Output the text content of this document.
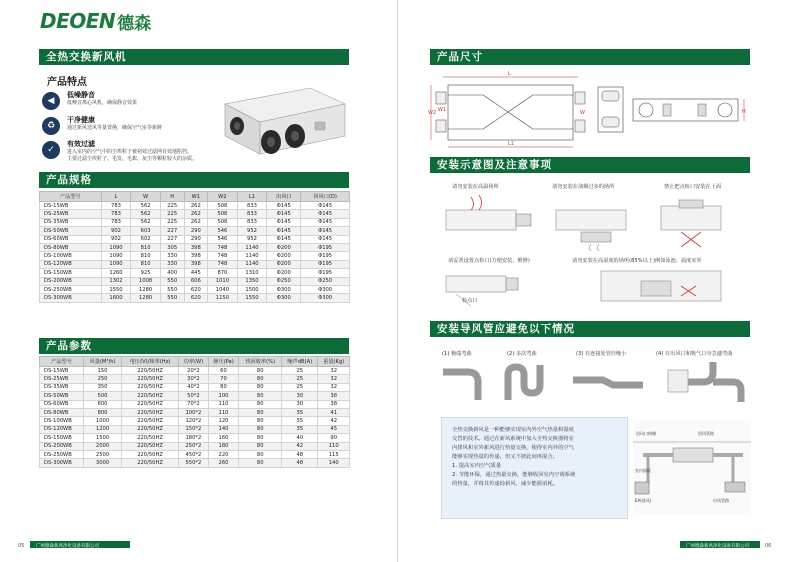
DEOEN 德森
全热交换新风机
产品特点
◀
低噪静音
低噪音离心风机，确保静音效果
♻
干净健康
通过新风送风等量置换，确保空气室等新鲜
✓
有效过滤
进入室内的空气中的尘埃粒子被初效过滤网有效地阻挡。
主要过滤尘埃粒子、毛发、毛絮、灰尘等颗粒较大的杂质。
产品规格
产品型号	L	W	H	W1	W2	L1	出风口	回风口(D)
DS-15WB	783	562	225	262	508	833	Φ145	Φ145
DS-25WB	783	562	225	262	508	833	Φ145	Φ145
DS-35WB	783	562	225	262	508	833	Φ145	Φ145
DS-50WB	902	603	227	290	546	952	Φ145	Φ145
DS-60WB	902	602	227	290	546	952	Φ145	Φ145
DS-80WB	1090	810	305	398	748	1140	Φ200	Φ195
DS-100WB	1090	810	330	398	748	1140	Φ200	Φ195
DS-120WB	1090	810	330	398	748	1140	Φ200	Φ195
DS-150WB	1260	925	400	445	870	1310	Φ200	Φ195
DS-200WB	1302	1008	550	606	1010	1350	Φ250	Φ250
DS-250WB	1550	1280	550	620	1040	1500	Φ300	Φ300
DS-300WB	1600	1280	550	620	1150	1550	Φ300	Φ300
产品参数
产品型号	风量(M³/h)	电压(V)/频率(Hz)	功率(W)	静压(Pa)	热回收率(%)	噪声dB(A)	重量(Kg)
DS-15WB	150	220/50HZ	20*2	60	80	25	32
DS-25WB	250	220/50HZ	30*2	70	80	25	32
DS-35WB	350	220/50HZ	40*2	80	80	25	32
DS-50WB	500	220/50HZ	50*2	100	80	30	38
DS-60WB	600	220/50HZ	70*2	110	80	30	38
DS-80WB	800	220/50HZ	100*2	110	80	35	41
DS-100WB	1000	220/50HZ	120*2	120	80	35	42
DS-120WB	1200	220/50HZ	150*2	140	80	35	45
DS-150WB	1500	220/50HZ	180*2	160	80	40	90
DS-200WB	2000	220/50HZ	250*2	180	80	42	110
DS-250WB	2500	220/50HZ	450*2	220	80	48	115
DS-300WB	3000	220/50HZ	550*2	260	80	48	140
05	广州德森新风净化设备有限公司
产品尺寸
L
W2 W1
L1
W	H
安装示意图及注意事项
请勿安装在高温场所	请勿安装在油烟过多的场所	禁止把点检口安装在上面
请妥善设置点检口(方便安装、维修)	请勿安装在高湿度的场所(85%以上)例如泳池、温度室外
检点口
安装导风管应避免以下情况
(1) 极端弯曲	(2) 多次弯曲	(3) 在连接处管径缩小	(4) 在出风口和吸气口旁急遽弯曲

全热交换新风是一种能够实现室内外空气热量和湿度

交替的技术。通过在新风系统中加入全热交换器将室

内排风和室外新风进行热量交换，使得室内外的空气

能够实现热量的传递。但又不彼此间再混合。

1. 提高室内空气质量

2. 节能环保，通过热量交换，能够收回室内空调系统

的热量，并将其传递给新风，减少能源消耗。

回风口格栅	回风管路
室内面板
EA(排风)	出风管路
广州德森新风净化设备有限公司	06
